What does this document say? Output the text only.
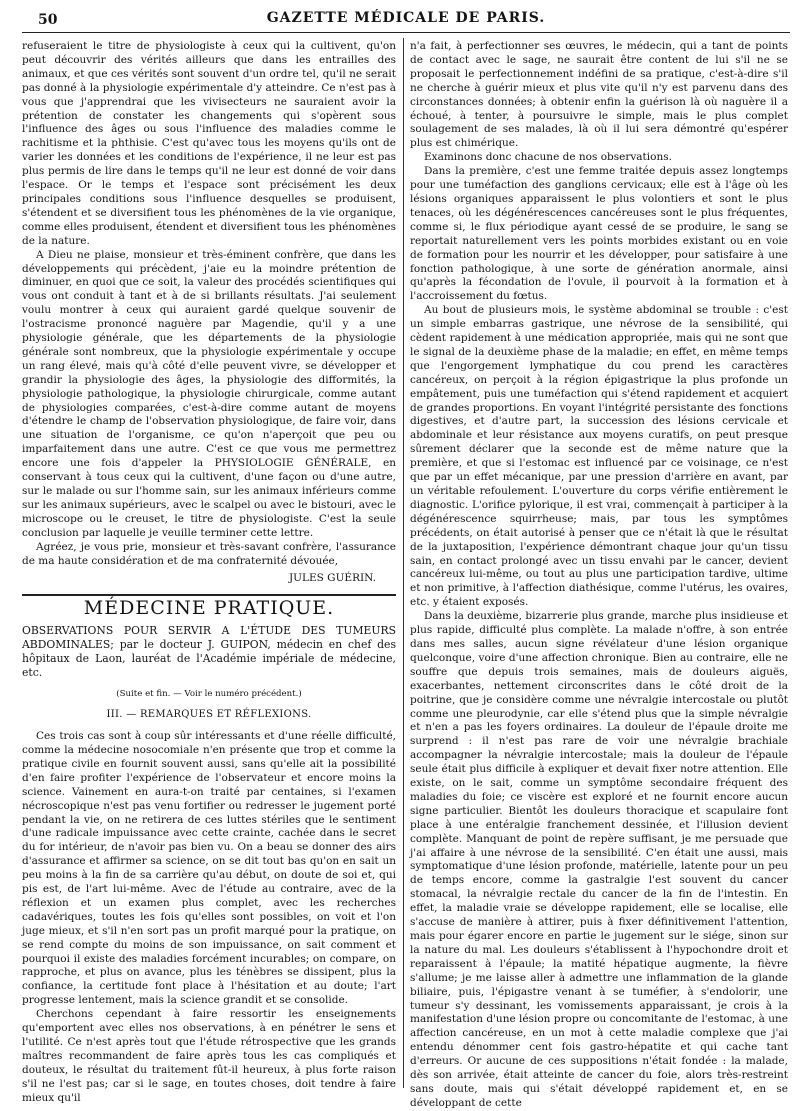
50	GAZETTE MÉDICALE DE PARIS.

refuseraient le titre de physiologiste à ceux qui la cultivent, qu'on peut découvrir des vérités ailleurs que dans les entrailles des animaux, et que ces vérités sont souvent d'un ordre tel, qu'il ne serait pas donné à la physiologie expérimentale d'y atteindre. Ce n'est pas à vous que j'apprendrai que les vivisecteurs ne sauraient avoir la prétention de constater les changements qui s'opèrent sous l'influence des âges ou sous l'influence des maladies comme le rachitisme et la phthisie. C'est qu'avec tous les moyens qu'ils ont de varier les données et les conditions de l'expérience, il ne leur est pas plus permis de lire dans le temps qu'il ne leur est donné de voir dans l'espace. Or le temps et l'espace sont précisément les deux principales conditions sous l'influence desquelles se produisent, s'étendent et se diversifient tous les phénomènes de la vie organique, comme elles produisent, étendent et diversifient tous les phénomènes de la nature.

A Dieu ne plaise, monsieur et très-éminent confrère, que dans les développements qui précèdent, j'aie eu la moindre prétention de diminuer, en quoi que ce soit, la valeur des procédés scientifiques qui vous ont conduit à tant et à de si brillants résultats. J'ai seulement voulu montrer à ceux qui auraient gardé quelque souvenir de l'ostracisme prononcé naguère par Magendie, qu'il y a une physiologie générale, que les départements de la physiologie générale sont nombreux, que la physiologie expérimentale y occupe un rang élevé, mais qu'à côté d'elle peuvent vivre, se développer et grandir la physiologie des âges, la physiologie des difformités, la physiologie pathologique, la physiologie chirurgicale, comme autant de physiologies comparées, c'est-à-dire comme autant de moyens d'étendre le champ de l'observation physiologique, de faire voir, dans une situation de l'organisme, ce qu'on n'aperçoit que peu ou imparfaitement dans une autre. C'est ce que vous me permettrez encore une fois d'appeler la PHYSIOLOGIE GÉNÉRALE, en conservant à tous ceux qui la cultivent, d'une façon ou d'une autre, sur le malade ou sur l'homme sain, sur les animaux inférieurs comme sur les animaux supérieurs, avec le scalpel ou avec le bistouri, avec le microscope ou le creuset, le titre de physiologiste. C'est la seule conclusion par laquelle je veuille terminer cette lettre.

Agréez, je vous prie, monsieur et très-savant confrère, l'assurance de ma haute considération et de ma confraternité dévouée,

JULES GUÉRIN.
MÉDECINE PRATIQUE.

OBSERVATIONS POUR SERVIR A L'ÉTUDE DES TUMEURS ABDOMINALES; par le docteur J. GUIPON, médecin en chef des hôpitaux de Laon, lauréat de l'Académie impériale de médecine, etc.

(Suite et fin. — Voir le numéro précédent.)
III. — REMARQUES ET RÉFLEXIONS.

Ces trois cas sont à coup sûr intéressants et d'une réelle difficulté, comme la médecine nosocomiale n'en présente que trop et comme la pratique civile en fournit souvent aussi, sans qu'elle ait la possibilité d'en faire profiter l'expérience de l'observateur et encore moins la science. Vainement en aura-t-on traité par centaines, si l'examen nécroscopique n'est pas venu fortifier ou redresser le jugement porté pendant la vie, on ne retirera de ces luttes stériles que le sentiment d'une radicale impuissance avec cette crainte, cachée dans le secret du for intérieur, de n'avoir pas bien vu. On a beau se donner des airs d'assurance et affirmer sa science, on se dit tout bas qu'on en sait un peu moins à la fin de sa carrière qu'au début, on doute de soi et, qui pis est, de l'art lui-même. Avec de l'étude au contraire, avec de la réflexion et un examen plus complet, avec les recherches cadavériques, toutes les fois qu'elles sont possibles, on voit et l'on juge mieux, et s'il n'en sort pas un profit marqué pour la pratique, on se rend compte du moins de son impuissance, on sait comment et pourquoi il existe des maladies forcément incurables; on compare, on rapproche, et plus on avance, plus les ténèbres se dissipent, plus la confiance, la certitude font place à l'hésitation et au doute; l'art progresse lentement, mais la science grandit et se consolide.

Cherchons cependant à faire ressortir les enseignements qu'emportent avec elles nos observations, à en pénétrer le sens et l'utilité. Ce n'est après tout que l'étude rétrospective que les grands maîtres recommandent de faire après tous les cas compliqués et douteux, le résultat du traitement fût-il heureux, à plus forte raison s'il ne l'est pas; car si le sage, en toutes choses, doit tendre à faire mieux qu'il

n'a fait, à perfectionner ses œuvres, le médecin, qui a tant de points de contact avec le sage, ne saurait être content de lui s'il ne se proposait le perfectionnement indéfini de sa pratique, c'est-à-dire s'il ne cherche à guérir mieux et plus vite qu'il n'y est parvenu dans des circonstances données; à obtenir enfin la guérison là où naguère il a échoué, à tenter, à poursuivre le simple, mais le plus complet soulagement de ses malades, là où il lui sera démontré qu'espérer plus est chimérique.

Examinons donc chacune de nos observations.

Dans la première, c'est une femme traitée depuis assez longtemps pour une tuméfaction des ganglions cervicaux; elle est à l'âge où les lésions organiques apparaissent le plus volontiers et sont le plus tenaces, où les dégénérescences cancéreuses sont le plus fréquentes, comme si, le flux périodique ayant cessé de se produire, le sang se reportait naturellement vers les points morbides existant ou en voie de formation pour les nourrir et les développer, pour satisfaire à une fonction pathologique, à une sorte de génération anormale, ainsi qu'après la fécondation de l'ovule, il pourvoit à la formation et à l'accroissement du fœtus.

Au bout de plusieurs mois, le système abdominal se trouble : c'est un simple embarras gastrique, une névrose de la sensibilité, qui cèdent rapidement à une médication appropriée, mais qui ne sont que le signal de la deuxième phase de la maladie; en effet, en même temps que l'engorgement lymphatique du cou prend les caractères cancéreux, on perçoit à la région épigastrique la plus profonde un empâtement, puis une tuméfaction qui s'étend rapidement et acquiert de grandes proportions. En voyant l'intégrité persistante des fonctions digestives, et d'autre part, la succession des lésions cervicale et abdominale et leur résistance aux moyens curatifs, on peut presque sûrement déclarer que la seconde est de même nature que la première, et que si l'estomac est influencé par ce voisinage, ce n'est que par un effet mécanique, par une pression d'arrière en avant, par un véritable refoulement. L'ouverture du corps vérifie entièrement le diagnostic. L'orifice pylorique, il est vrai, commençait à participer à la dégénérescence squirrheuse; mais, par tous les symptômes précédents, on était autorisé à penser que ce n'était là que le résultat de la juxtaposition, l'expérience démontrant chaque jour qu'un tissu sain, en contact prolongé avec un tissu envahi par le cancer, devient cancéreux lui-même, ou tout au plus une participation tardive, ultime et non primitive, à l'affection diathésique, comme l'utérus, les ovaires, etc. y étaient exposés.

Dans la deuxième, bizarrerie plus grande, marche plus insidieuse et plus rapide, difficulté plus complète. La malade n'offre, à son entrée dans mes salles, aucun signe révélateur d'une lésion organique quelconque, voire d'une affection chronique. Bien au contraire, elle ne souffre que depuis trois semaines, mais de douleurs aiguës, exacerbantes, nettement circonscrites dans le côté droit de la poitrine, que je considère comme une névralgie intercostale ou plutôt comme une pleurodynie, car elle s'étend plus que la simple névralgie et n'en a pas les foyers ordinaires. La douleur de l'épaule droite me surprend : il n'est pas rare de voir une névralgie brachiale accompagner la névralgie intercostale; mais la douleur de l'épaule seule était plus difficile à expliquer et devait fixer notre attention. Elle existe, on le sait, comme un symptôme secondaire fréquent des maladies du foie; ce viscère est exploré et ne fournit encore aucun signe particulier. Bientôt les douleurs thoracique et scapulaire font place à une entéralgie franchement dessinée, et l'illusion devient complète. Manquant de point de repère suffisant, je me persuade que j'ai affaire à une névrose de la sensibilité. C'en était une aussi, mais symptomatique d'une lésion profonde, matérielle, latente pour un peu de temps encore, comme la gastralgie l'est souvent du cancer stomacal, la névralgie rectale du cancer de la fin de l'intestin. En effet, la maladie vraie se développe rapidement, elle se localise, elle s'accuse de manière à attirer, puis à fixer définitivement l'attention, mais pour égarer encore en partie le jugement sur le siége, sinon sur la nature du mal. Les douleurs s'établissent à l'hypochondre droit et reparaissent à l'épaule; la matité hépatique augmente, la fièvre s'allume; je me laisse aller à admettre une inflammation de la glande biliaire, puis, l'épigastre venant à se tuméfier, à s'endolorir, une tumeur s'y dessinant, les vomissements apparaissant, je crois à la manifestation d'une lésion propre ou concomitante de l'estomac, à une affection cancéreuse, en un mot à cette maladie complexe que j'ai entendu dénommer cent fois gastro-hépatite et qui cache tant d'erreurs. Or aucune de ces suppositions n'était fondée : la malade, dès son arrivée, était atteinte de cancer du foie, alors très-restreint sans doute, mais qui s'était développé rapidement et, en se développant de cette
